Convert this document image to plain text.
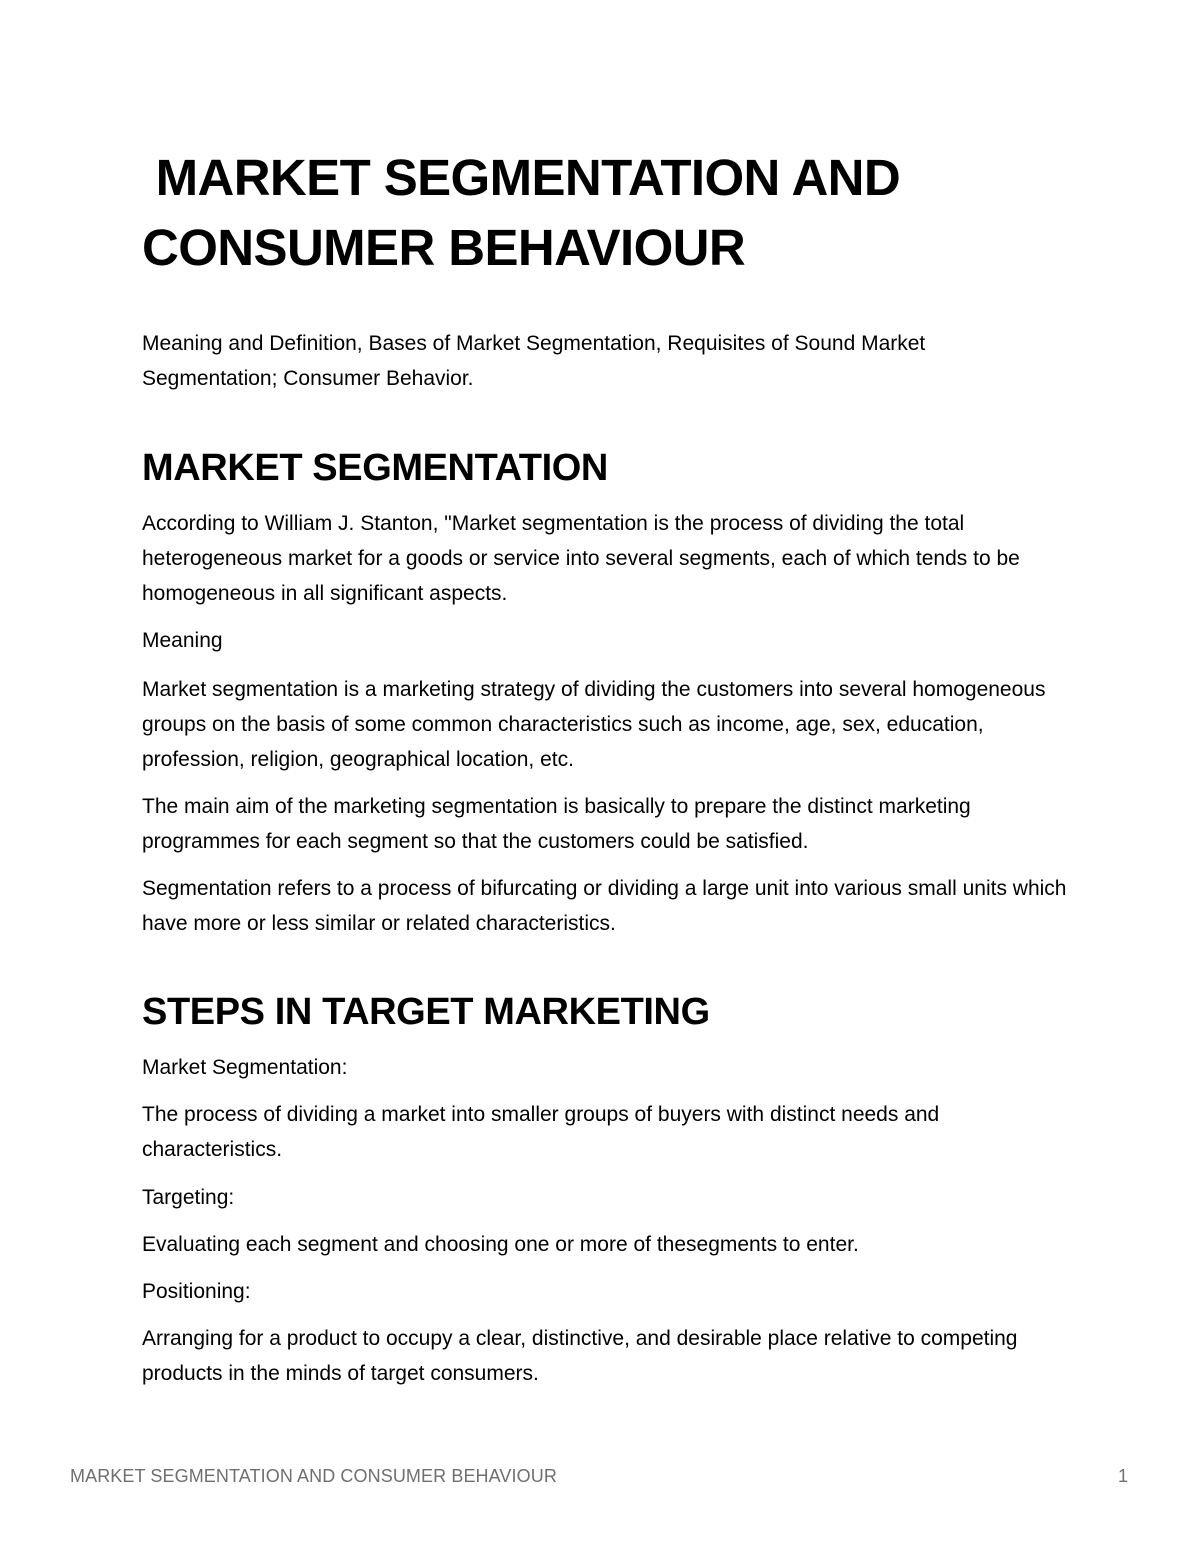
MARKET SEGMENTATION AND CONSUMER BEHAVIOUR

Meaning and Definition, Bases of Market Segmentation, Requisites of Sound Market Segmentation; Consumer Behavior.

MARKET SEGMENTATION

According to William J. Stanton, "Market segmentation is the process of dividing the total heterogeneous market for a goods or service into several segments, each of which tends to be homogeneous in all significant aspects.

Meaning

Market segmentation is a marketing strategy of dividing the customers into several homogeneous groups on the basis of some common characteristics such as income, age, sex, education, profession, religion, geographical location, etc.

The main aim of the marketing segmentation is basically to prepare the distinct marketing programmes for each segment so that the customers could be satisfied.

Segmentation refers to a process of bifurcating or dividing a large unit into various small units which have more or less similar or related characteristics.

STEPS IN TARGET MARKETING

Market Segmentation:

The process of dividing a market into smaller groups of buyers with distinct needs and characteristics.

Targeting:

Evaluating each segment and choosing one or more of thesegments to enter.

Positioning:

Arranging for a product to occupy a clear, distinctive, and desirable place relative to competing products in the minds of target consumers.

MARKET SEGMENTATION AND CONSUMER BEHAVIOUR	1
